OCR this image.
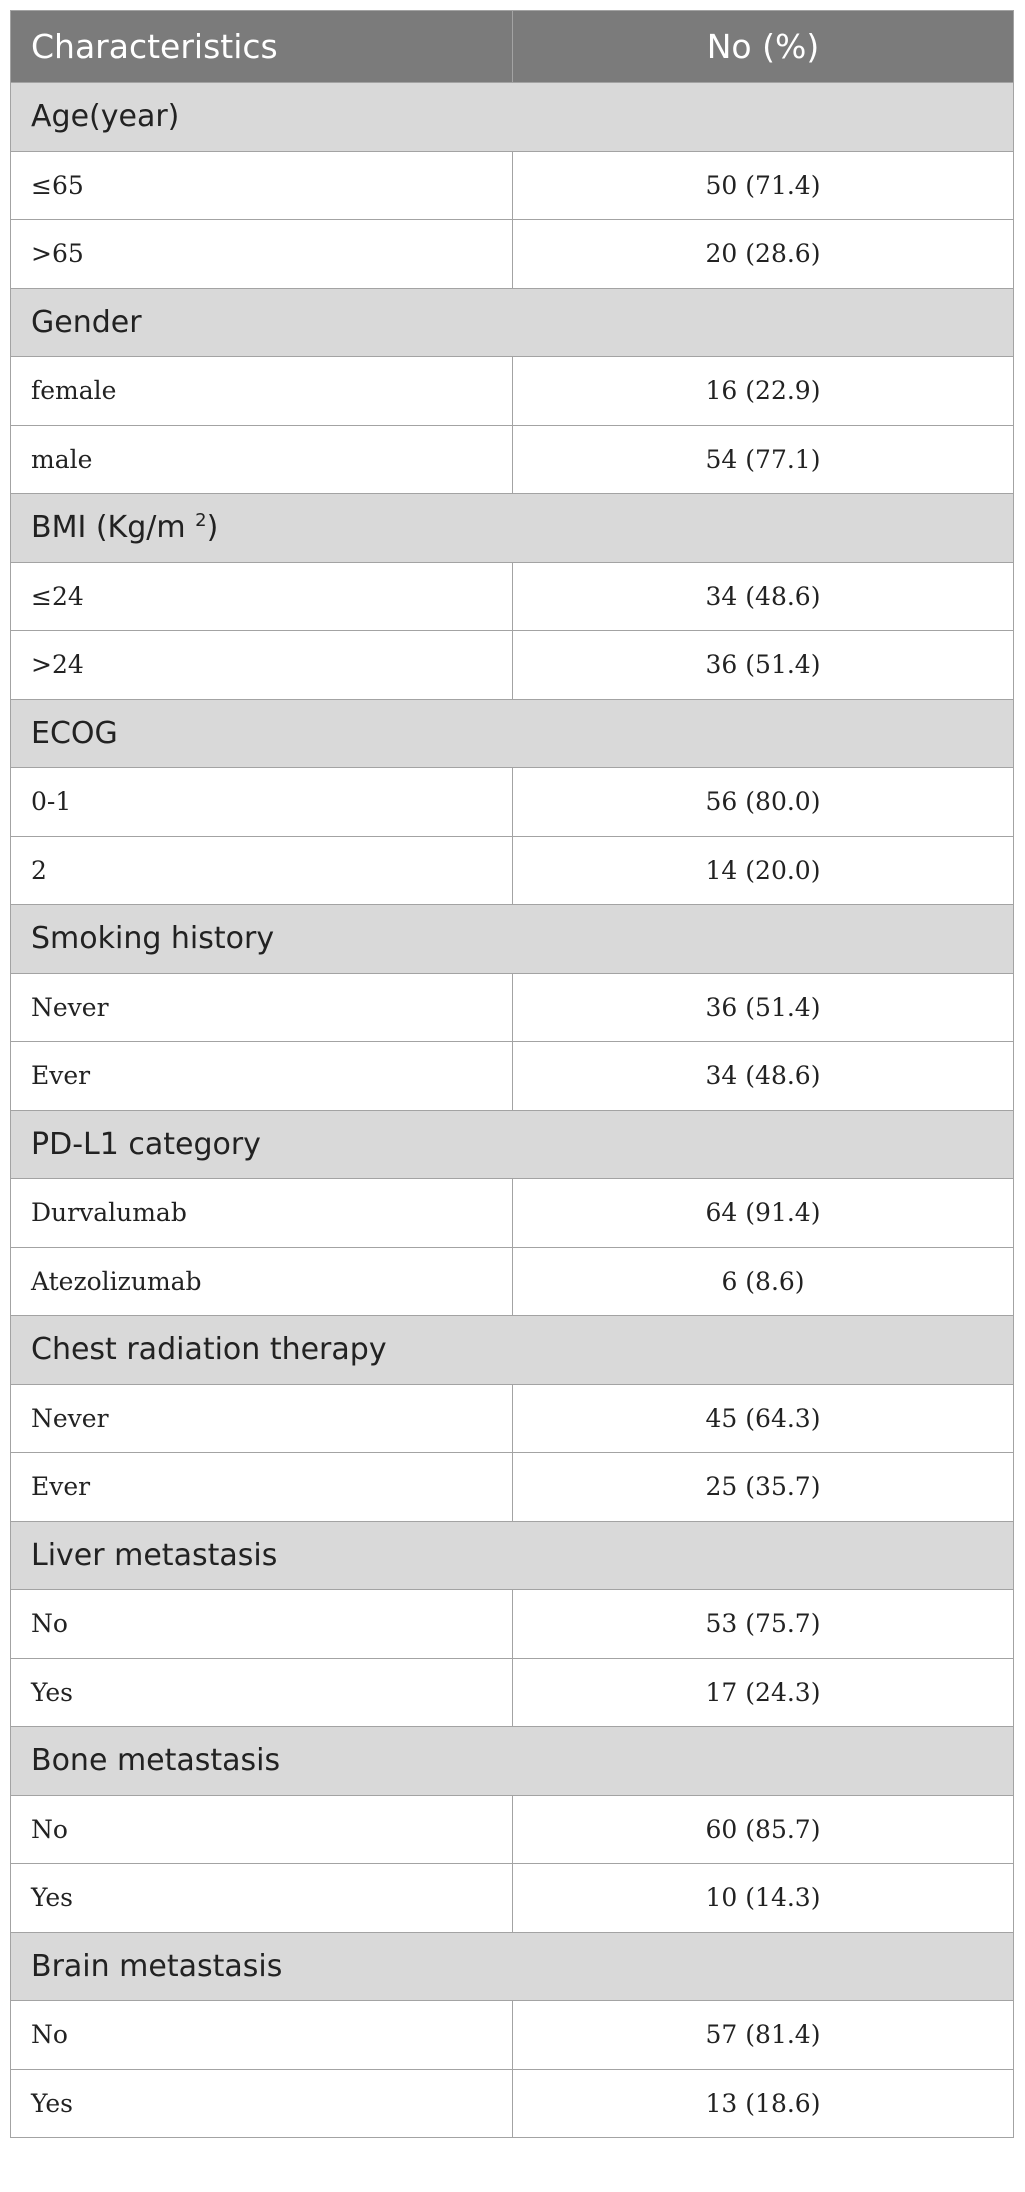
Characteristics	No (%)
Age(year)	
≤65	50 (71.4)
>65	20 (28.6)
Gender	
female	16 (22.9)
male	54 (77.1)
BMI (Kg/m $^2$)	
≤24	34 (48.6)
>24	36 (51.4)
ECOG	
0-1	56 (80.0)
2	14 (20.0)
Smoking history	
Never	36 (51.4)
Ever	34 (48.6)
PD-L1 category	
Durvalumab	64 (91.4)
Atezolizumab	6 (8.6)
Chest radiation therapy	
Never	45 (64.3)
Ever	25 (35.7)
Liver metastasis	
No	53 (75.7)
Yes	17 (24.3)
Bone metastasis	
No	60 (85.7)
Yes	10 (14.3)
Brain metastasis	
No	57 (81.4)
Yes	13 (18.6)
